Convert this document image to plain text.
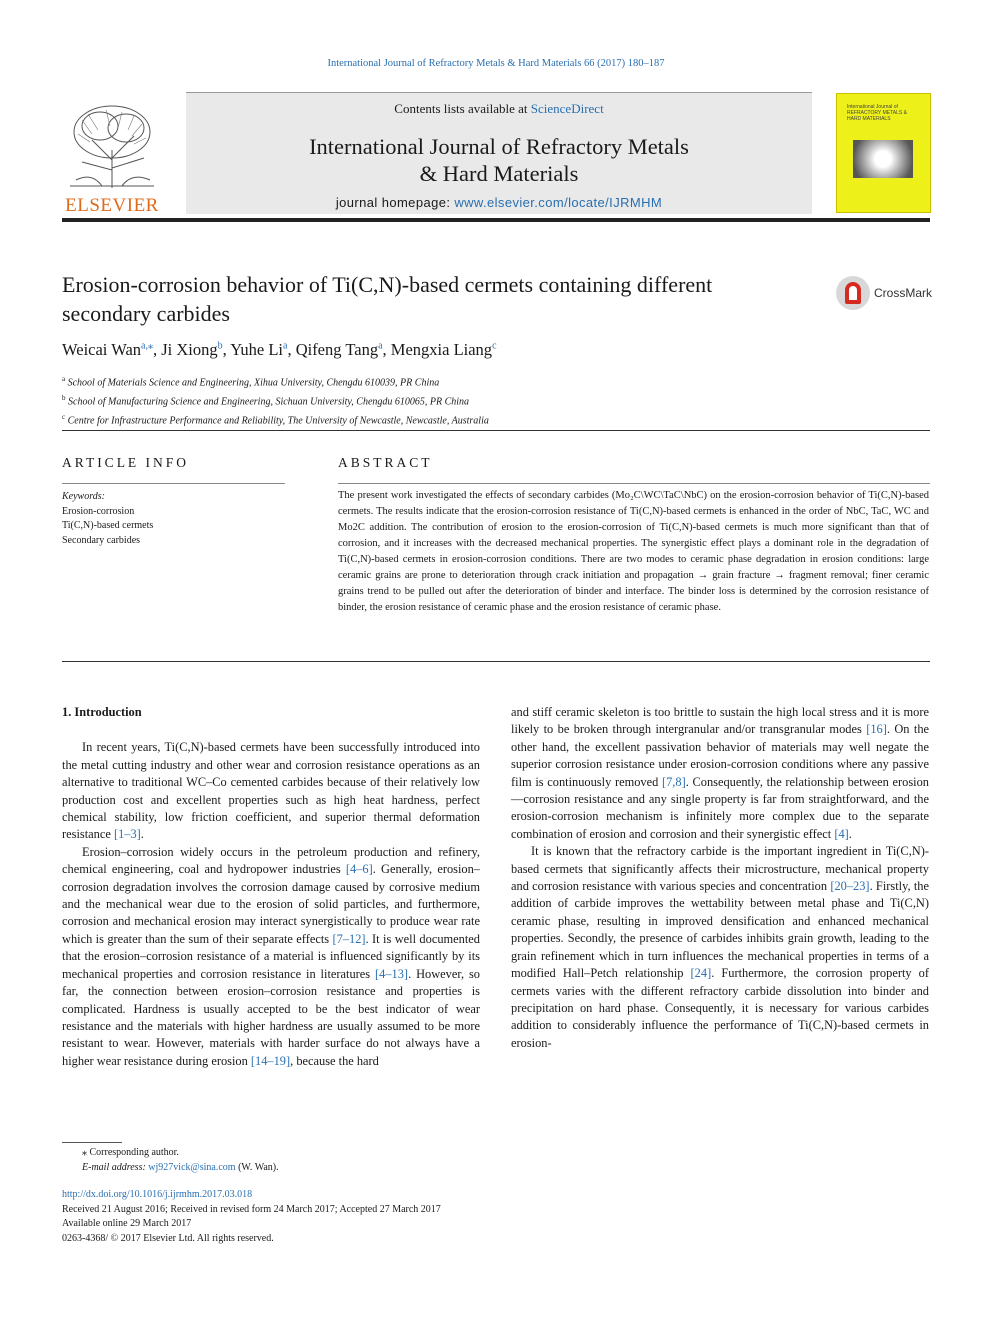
International Journal of Refractory Metals & Hard Materials 66 (2017) 180–187
ELSEVIER
Contents lists available at ScienceDirect
International Journal of Refractory Metals
& Hard Materials
journal homepage: www.elsevier.com/locate/IJRMHM
International Journal of REFRACTORY METALS & HARD MATERIALS
Erosion-corrosion behavior of Ti(C,N)-based cermets containing different
secondary carbides
CrossMark
Weicai Wan$^{a,⁎}$, Ji Xiong$^b$, Yuhe Li$^a$, Qifeng Tang$^a$, Mengxia Liang$^c$
$^a$ School of Materials Science and Engineering, Xihua University, Chengdu 610039, PR China
$^b$ School of Manufacturing Science and Engineering, Sichuan University, Chengdu 610065, PR China
$^c$ Centre for Infrastructure Performance and Reliability, The University of Newcastle, Newcastle, Australia
ARTICLE INFO	ABSTRACT
Keywords:
Erosion-corrosion
Ti(C,N)-based cermets
Secondary carbides
The present work investigated the effects of secondary carbides (Mo₂C\WC\TaC\NbC) on the erosion-corrosion behavior of Ti(C,N)-based cermets. The results indicate that the erosion-corrosion resistance of Ti(C,N)-based cermets is enhanced in the order of NbC, TaC, WC and Mo2C addition. The contribution of erosion to the erosion-corrosion of Ti(C,N)-based cermets is much more significant than that of corrosion, and it increases with the decreased mechanical properties. The synergistic effect plays a dominant role in the degradation of Ti(C,N)-based cermets in erosion-corrosion conditions. There are two modes to ceramic phase degradation in erosion conditions: large ceramic grains are prone to deterioration through crack initiation and propagation → grain fracture → fragment removal; finer ceramic grains trend to be pulled out after the deterioration of binder and interface. The binder loss is determined by the corrosion resistance of binder, the erosion resistance of ceramic phase and the erosion resistance of ceramic phase.

1. Introduction

In recent years, Ti(C,N)-based cermets have been successfully introduced into the metal cutting industry and other wear and corrosion resistance operations as an alternative to traditional WC–Co cemented carbides because of their relatively low production cost and excellent properties such as high heat hardness, perfect chemical stability, low friction coefficient, and superior thermal deformation resistance [1–3].

Erosion–corrosion widely occurs in the petroleum production and refinery, chemical engineering, coal and hydropower industries [4–6]. Generally, erosion–corrosion degradation involves the corrosion damage caused by corrosive medium and the mechanical wear due to the erosion of solid particles, and furthermore, corrosion and mechanical erosion may interact synergistically to produce wear rate which is greater than the sum of their separate effects [7–12]. It is well documented that the erosion–corrosion resistance of a material is influenced significantly by its mechanical properties and corrosion resistance in literatures [4–13]. However, so far, the connection between erosion–corrosion resistance and properties is complicated. Hardness is usually accepted to be the best indicator of wear resistance and the materials with higher hardness are usually assumed to be more resistant to wear. However, materials with harder surface do not always have a higher wear resistance during erosion [14–19], because the hard

and stiff ceramic skeleton is too brittle to sustain the high local stress and it is more likely to be broken through intergranular and/or transgranular modes [16]. On the other hand, the excellent passivation behavior of materials may well negate the superior corrosion resistance under erosion-corrosion conditions where any passive film is continuously removed [7,8]. Consequently, the relationship between erosion—corrosion resistance and any single property is far from straightforward, and the erosion-corrosion mechanism is infinitely more complex due to the separate combination of erosion and corrosion and their synergistic effect [4].

It is known that the refractory carbide is the important ingredient in Ti(C,N)-based cermets that significantly affects their microstructure, mechanical property and corrosion resistance with various species and concentration [20–23]. Firstly, the addition of carbide improves the wettability between metal phase and Ti(C,N) ceramic phase, resulting in improved densification and enhanced mechanical properties. Secondly, the presence of carbides inhibits grain growth, leading to the grain refinement which in turn influences the mechanical properties in terms of a modified Hall–Petch relationship [24]. Furthermore, the corrosion property of cermets varies with the different refractory carbide dissolution into binder and precipitation on hard phase. Consequently, it is necessary for various carbides addition to considerably influence the performance of Ti(C,N)-based cermets in erosion-

⁎ Corresponding author.
E-mail address: wj927vick@sina.com (W. Wan).
http://dx.doi.org/10.1016/j.ijrmhm.2017.03.018
Received 21 August 2016; Received in revised form 24 March 2017; Accepted 27 March 2017
Available online 29 March 2017
0263-4368/ © 2017 Elsevier Ltd. All rights reserved.
